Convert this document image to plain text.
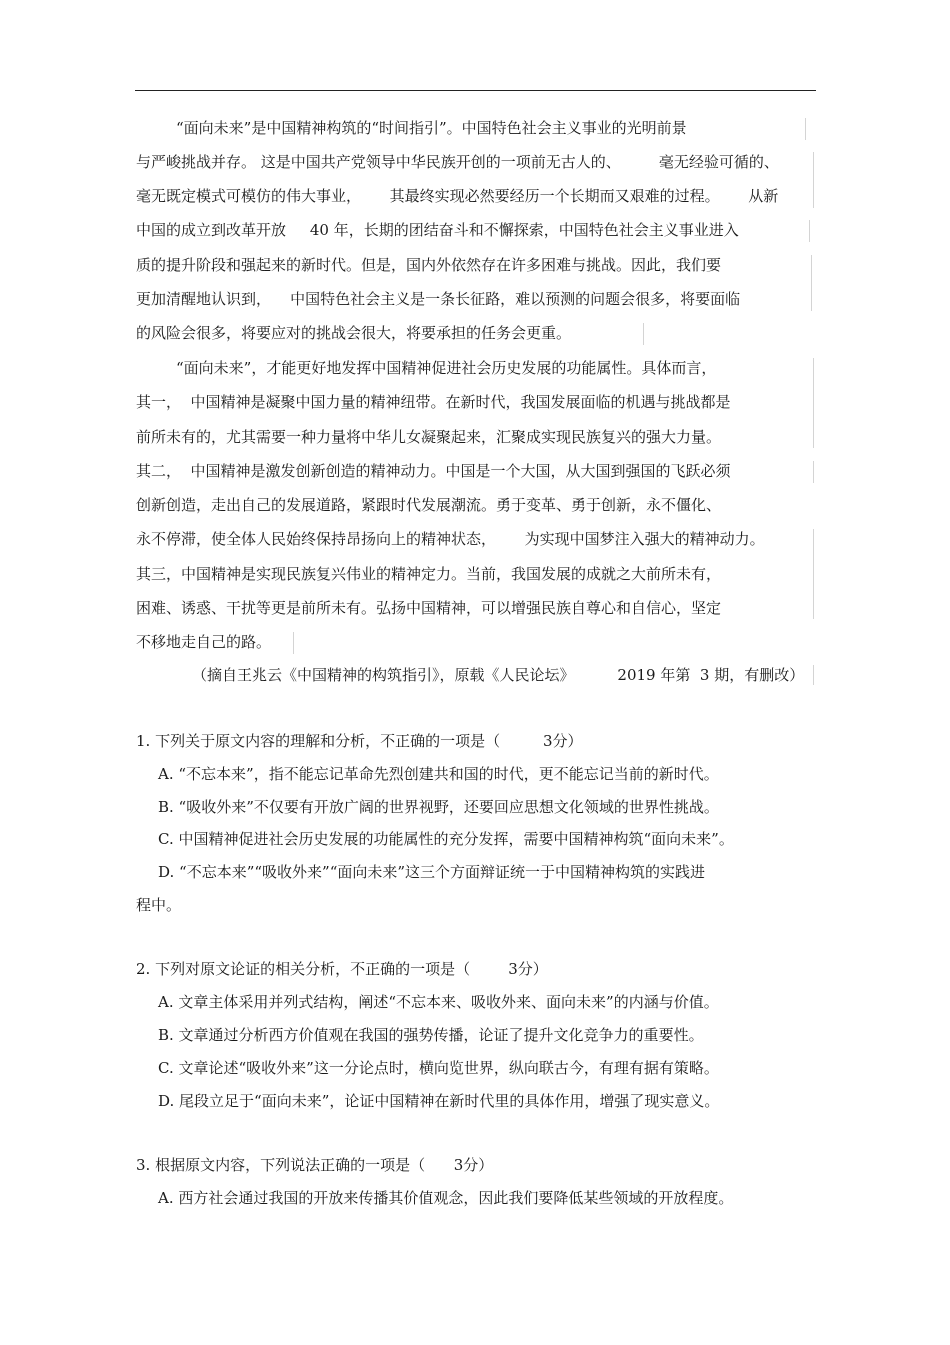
“面向未来”是中国精神构筑的“时间指引”。中国特色社会主义事业的光明前景
与严峻挑战并存。 这是中国共产党领导中华民族开创的一项前无古人的、        毫无经验可循的、
毫无既定模式可模仿的伟大事业，      其最终实现必然要经历一个长期而又艰难的过程。      从新
中国的成立到改革开放     40 年，长期的团结奋斗和不懈探索，中国特色社会主义事业进入
质的提升阶段和强起来的新时代。但是，国内外依然存在许多困难与挑战。因此，我们要
更加清醒地认识到，    中国特色社会主义是一条长征路，难以预测的问题会很多，将要面临
的风险会很多，将要应对的挑战会很大，将要承担的任务会更重。
“面向未来”，才能更好地发挥中国精神促进社会历史发展的功能属性。具体而言，
其一，  中国精神是凝聚中国力量的精神纽带。在新时代，我国发展面临的机遇与挑战都是
前所未有的，尤其需要一种力量将中华儿女凝聚起来，汇聚成实现民族复兴的强大力量。
其二，  中国精神是激发创新创造的精神动力。中国是一个大国，从大国到强国的飞跃必须
创新创造，走出自己的发展道路，紧跟时代发展潮流。勇于变革、勇于创新，永不僵化、
永不停滞，使全体人民始终保持昂扬向上的精神状态，      为实现中国梦注入强大的精神动力。
其三，中国精神是实现民族复兴伟业的精神定力。当前，我国发展的成就之大前所未有，
困难、诱惑、干扰等更是前所未有。弘扬中国精神，可以增强民族自尊心和自信心，坚定
不移地走自己的路。
（摘自王兆云《中国精神的构筑指引》，原载《人民论坛》         2019 年第  3 期，有删改）
1. 下列关于原文内容的理解和分析，不正确的一项是（         3分）
A. “不忘本来”，指不能忘记革命先烈创建共和国的时代，更不能忘记当前的新时代。
B. “吸收外来”不仅要有开放广阔的世界视野，还要回应思想文化领域的世界性挑战。
C. 中国精神促进社会历史发展的功能属性的充分发挥，需要中国精神构筑“面向未来”。
D. “不忘本来”“吸收外来”“面向未来”这三个方面辩证统一于中国精神构筑的实践进
程中。
2. 下列对原文论证的相关分析，不正确的一项是（        3分）
A. 文章主体采用并列式结构，阐述“不忘本来、吸收外来、面向未来”的内涵与价值。
B. 文章通过分析西方价值观在我国的强势传播，论证了提升文化竞争力的重要性。
C. 文章论述“吸收外来”这一分论点时，横向览世界，纵向联古今，有理有据有策略。
D. 尾段立足于“面向未来”，论证中国精神在新时代里的具体作用，增强了现实意义。
3. 根据原文内容，下列说法正确的一项是（      3分）
A. 西方社会通过我国的开放来传播其价值观念，因此我们要降低某些领域的开放程度。
